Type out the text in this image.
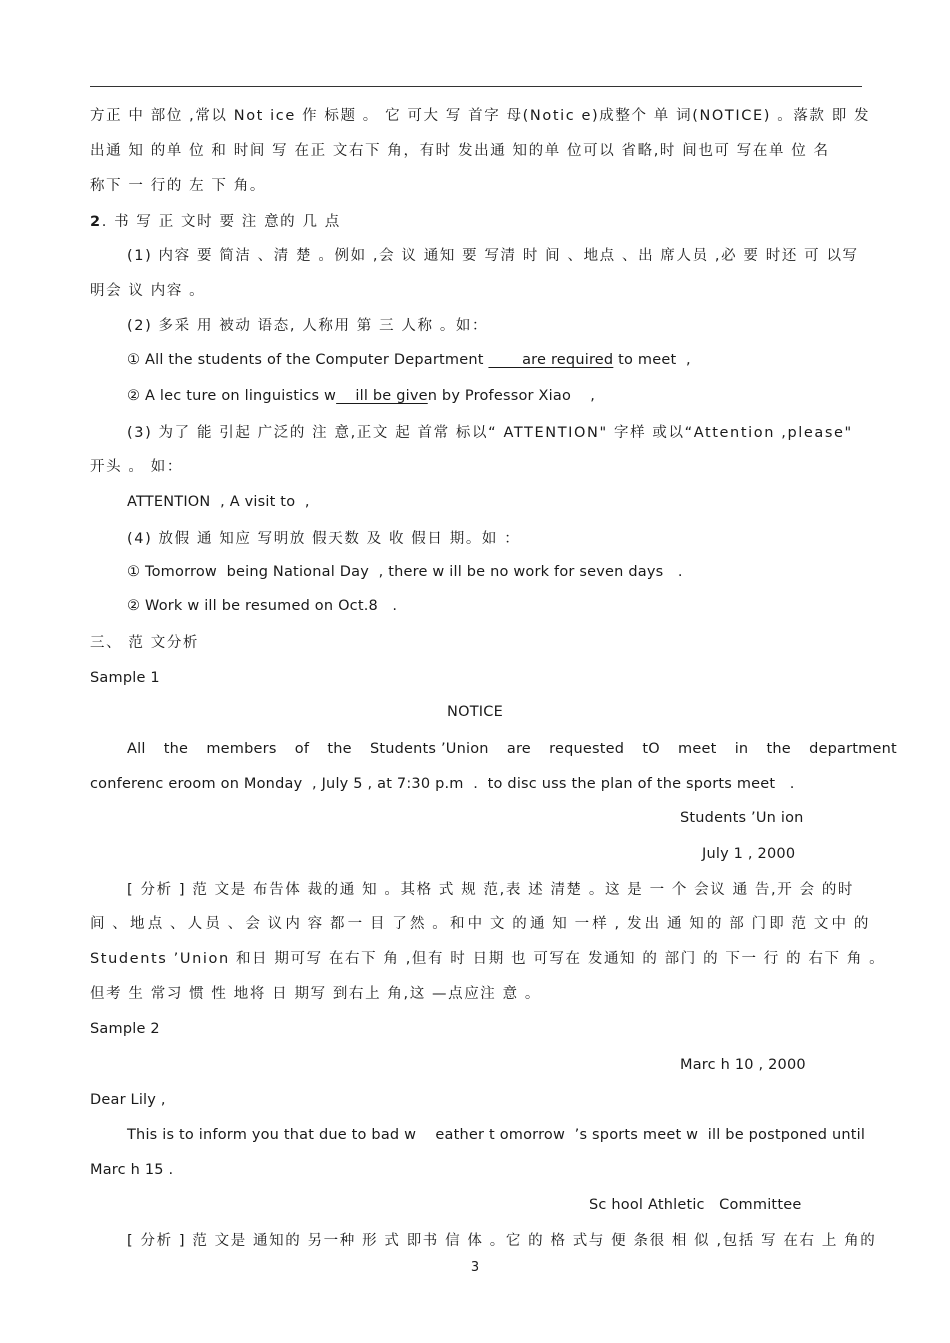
方正 中 部位 ,常以 Not ice 作 标题 。 它 可大 写 首字 母(Notic e)成整个 单 词(NOTICE) 。落款 即 发
出通 知 的单 位 和 时间 写 在正 文右下 角，有时 发出通 知的单 位可以 省略,时 间也可 写在单 位 名
称下 一 行的 左 下 角。
2. 书 写 正 文时 要 注 意的 几 点
(1) 内容 要 简洁 、清 楚 。例如 ,会 议 通知 要 写清 时 间 、地点 、出 席人员 ,必 要 时还 可 以写
明会 议 内容 。
(2) 多采 用 被动 语态, 人称用 第 三 人称 。如：
① All the students of the Computer Department        are required to meet  ,
② A lec ture on linguistics w    ill be given by Professor Xiao    ,
(3) 为了 能 引起 广泛的 注 意,正文 起 首常 标以“ ATTENTION" 字样 或以“Attention ,please"
开头 。 如：
ATTENTION  , A visit to  ,
(4) 放假 通 知应 写明放 假天数 及 收 假日 期。如 ：
① Tomorrow  being National Day  , there w ill be no work for seven days   .
② Work w ill be resumed on Oct.8   .
三、 范 文分析
Sample 1
NOTICE
All the members of the Students ’Union are requested tO meet in the department
conferenc eroom on Monday  , July 5 , at 7:30 p.m  .  to disc uss the plan of the sports meet   .
Students ’Un ion
July 1 , 2000
[ 分析 ] 范 文是 布告体 裁的通 知 。其格 式 规 范,表 述 清楚 。这 是 一 个 会议 通 告,开 会 的时
间 、 地 点 、 人 员 、 会 议 内 容 都 一 目 了 然 。 和 中 文 的 通 知 一 样 , 发 出 通 知 的 部 门 即 范 文 中 的
Students ’Union 和日 期可写 在右下 角 ,但有 时 日期 也 可写在 发通知 的 部门 的 下一 行 的 右下 角 。
但考 生 常习 惯 性 地将 日 期写 到右上 角,这 —点应注 意 。
Sample 2
Marc h 10 , 2000
Dear Lily ,
This is to inform you that due to bad w    eather t omorrow  ’s sports meet w  ill be postponed until
Marc h 15 .
Sc hool Athletic   Committee
[ 分析 ] 范 文是 通知的 另一种 形 式 即书 信 体 。它 的 格 式与 便 条很 相 似 ,包括 写 在右 上 角的
3
